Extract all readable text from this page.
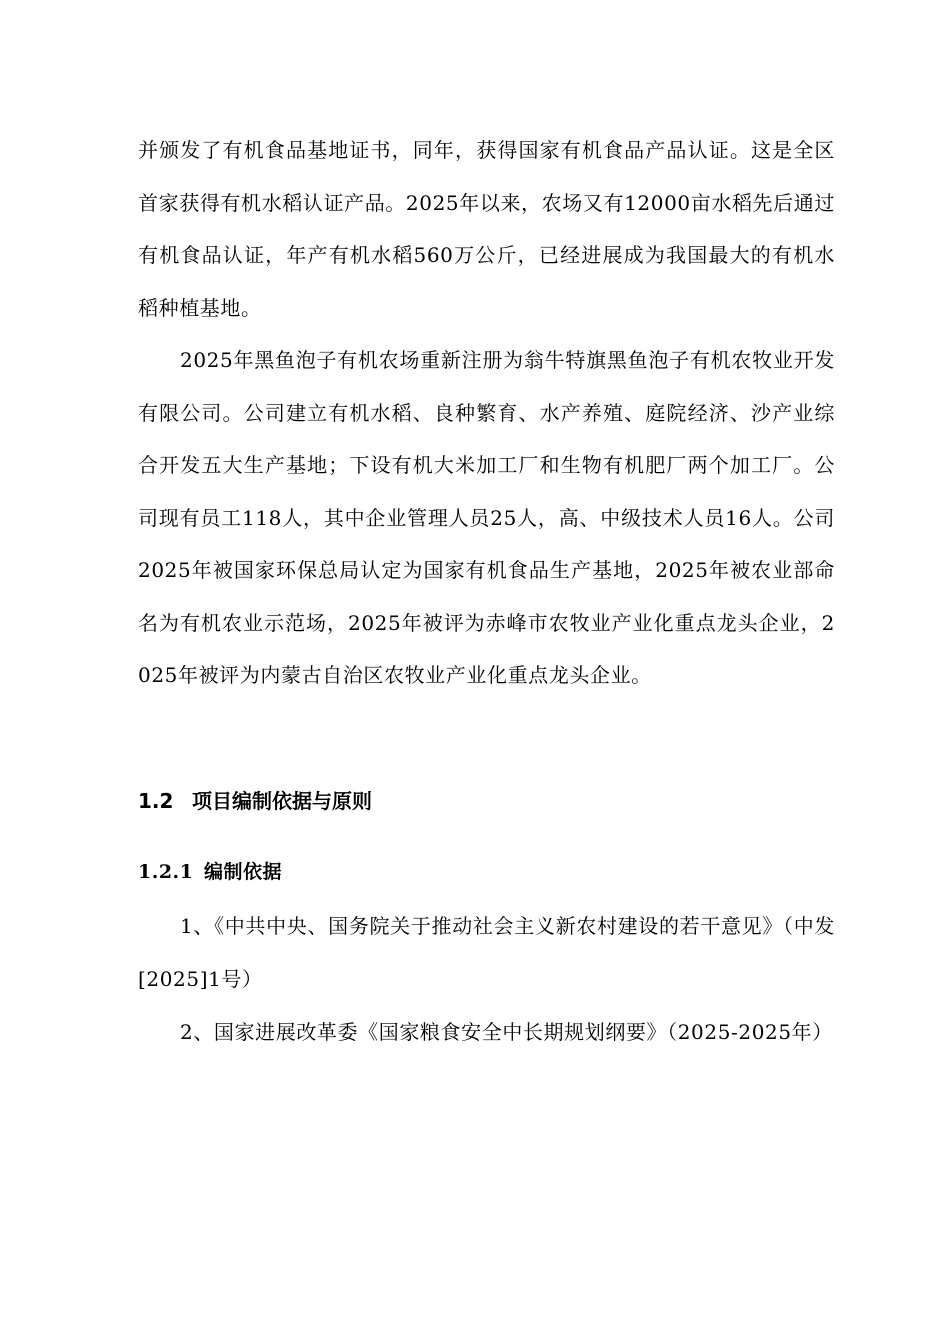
并颁发了有机食品基地证书，同年，获得国家有机食品产品认证。这是全区首家获得有机水稻认证产品。2025年以来，农场又有12000亩水稻先后通过有机食品认证，年产有机水稻560万公斤，已经进展成为我国最大的有机水稻种植基地。

2025年黑鱼泡子有机农场重新注册为翁牛特旗黑鱼泡子有机农牧业开发有限公司。公司建立有机水稻、良种繁育、水产养殖、庭院经济、沙产业综合开发五大生产基地；下设有机大米加工厂和生物有机肥厂两个加工厂。公司现有员工118人，其中企业管理人员25人，高、中级技术人员16人。公司2025年被国家环保总局认定为国家有机食品生产基地，2025年被农业部命名为有机农业示范场，2025年被评为赤峰市农牧业产业化重点龙头企业，2025年被评为内蒙古自治区农牧业产业化重点龙头企业。

1.2 项目编制依据与原则
1.2.1 编制依据

1、《中共中央、国务院关于推动社会主义新农村建设的若干意见》（中发[2025]1号）

2、国家进展改革委《国家粮食安全中长期规划纲要》（2025-2025年）
